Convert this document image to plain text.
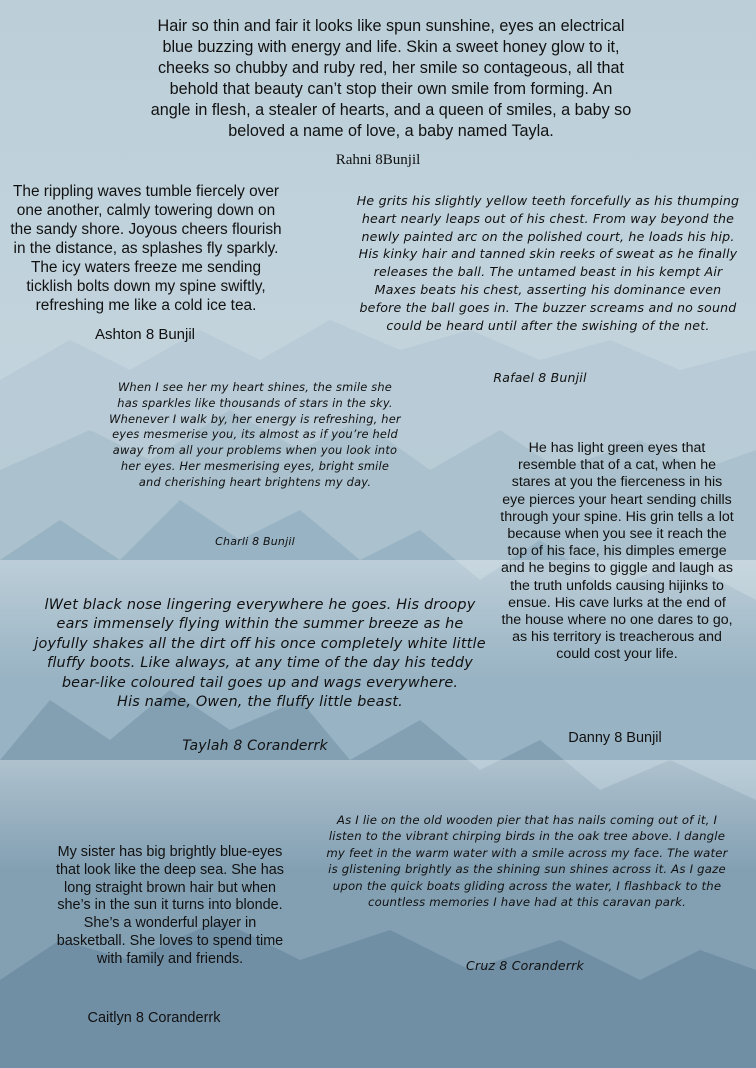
Hair so thin and fair it looks like spun sunshine, eyes an electrical blue buzzing with energy and life. Skin a sweet honey glow to it, cheeks so chubby and ruby red, her smile so contageous, all that behold that beauty can’t stop their own smile from forming. An angle in flesh, a stealer of hearts, and a queen of smiles, a baby so beloved a name of love, a baby named Tayla.

Rahni 8Bunjil

The rippling waves tumble fiercely over one another, calmly towering down on the sandy shore. Joyous cheers flourish in the distance, as splashes fly sparkly. The icy waters freeze me sending ticklish bolts down my spine swiftly, refreshing me like a cold ice tea.

Ashton 8 Bunjil

He grits his slightly yellow teeth forcefully as his thumping heart nearly leaps out of his chest. From way beyond the newly painted arc on the polished court, he loads his hip. His kinky hair and tanned skin reeks of sweat as he finally releases the ball. The untamed beast in his kempt Air Maxes beats his chest, asserting his dominance even before the ball goes in. The buzzer screams and no sound could be heard until after the swishing of the net.

Rafael 8 Bunjil

When I see her my heart shines, the smile she has sparkles like thousands of stars in the sky. Whenever I walk by, her energy is refreshing, her eyes mesmerise you, its almost as if you’re held away from all your problems when you look into her eyes. Her mesmerising eyes, bright smile and cherishing heart brightens my day.

Charli 8 Bunjil

He has light green eyes that resemble that of a cat, when he stares at you the fierceness in his eye pierces your heart sending chills through your spine. His grin tells a lot because when you see it reach the top of his face, his dimples emerge and he begins to giggle and laugh as the truth unfolds causing hijinks to ensue. His cave lurks at the end of the house where no one dares to go, as his territory is treacherous and could cost your life.

Danny 8 Bunjil

lWet black nose lingering everywhere he goes. His droopy ears immensely flying within the summer breeze as he joyfully shakes all the dirt off his once completely white little fluffy boots. Like always, at any time of the day his teddy bear-like coloured tail goes up and wags everywhere.

His name, Owen, the fluffy little beast.

Taylah 8 Coranderrk

As I lie on the old wooden pier that has nails coming out of it, I listen to the vibrant chirping birds in the oak tree above. I dangle my feet in the warm water with a smile across my face. The water is glistening brightly as the shining sun shines across it. As I gaze upon the quick boats gliding across the water, I flashback to the countless memories I have had at this caravan park.

Cruz 8 Coranderrk

My sister has big brightly blue-eyes that look like the deep sea. She has long straight brown hair but when she’s in the sun it turns into blonde. She’s a wonderful player in basketball. She loves to spend time with family and friends.

Caitlyn 8 Coranderrk
